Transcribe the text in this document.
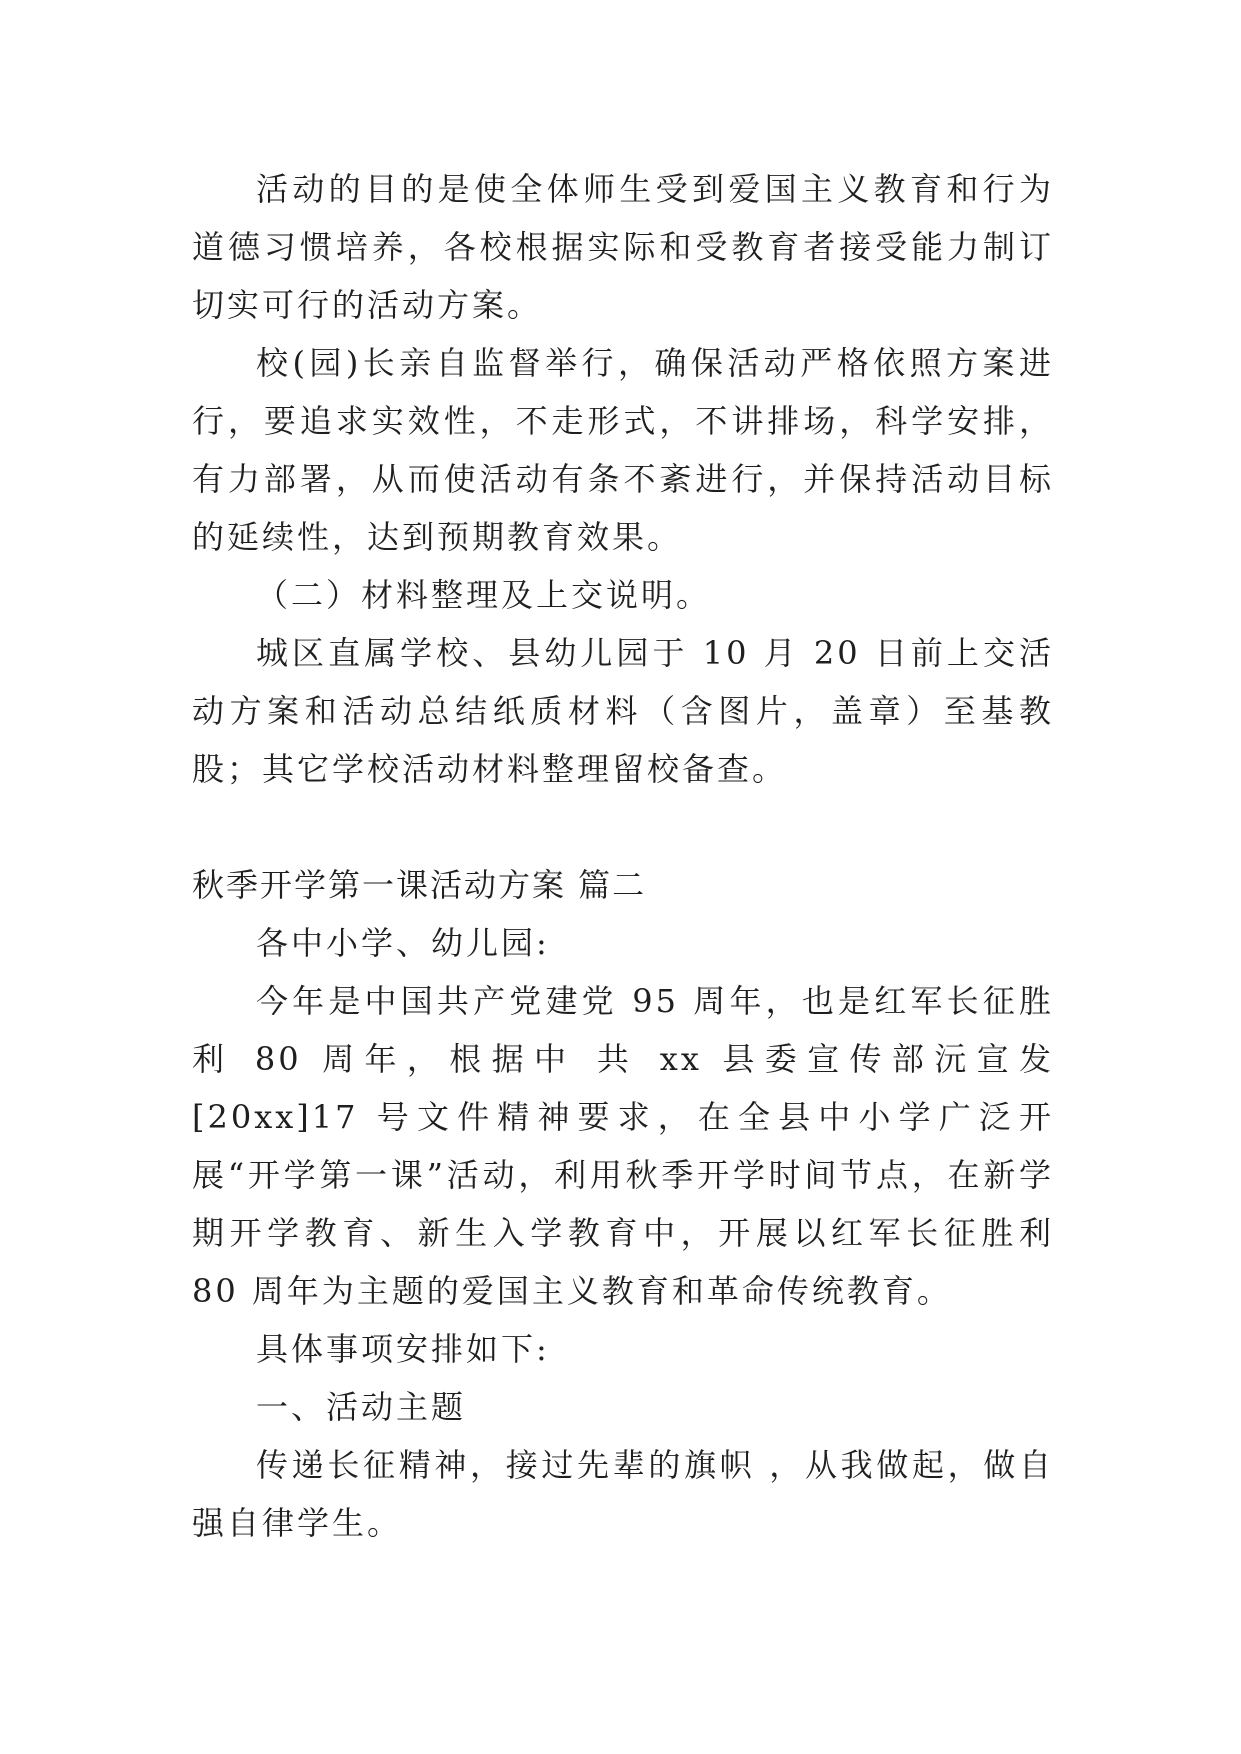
活动的目的是使全体师生受到爱国主义教育和行为道德习惯培养，各校根据实际和受教育者接受能力制订切实可行的活动方案。

校(园)长亲自监督举行，确保活动严格依照方案进行，要追求实效性，不走形式，不讲排场，科学安排，有力部署，从而使活动有条不紊进行，并保持活动目标的延续性，达到预期教育效果。

（二）材料整理及上交说明。

城区直属学校、县幼儿园于 10 月 20 日前上交活动方案和活动总结纸质材料（含图片，盖章）至基教股；其它学校活动材料整理留校备查。

秋季开学第一课活动方案 篇二

各中小学、幼儿园:

今年是中国共产党建党 95 周年，也是红军长征胜利 80 周年，根据中 共 xx 县委宣传部沅宣发[20xx]17 号文件精神要求，在全县中小学广泛开展“开学第一课”活动，利用秋季开学时间节点，在新学期开学教育、新生入学教育中，开展以红军长征胜利 80 周年为主题的爱国主义教育和革命传统教育。

具体事项安排如下:

一、活动主题

传递长征精神，接过先辈的旗帜 ，从我做起，做自强自律学生。
